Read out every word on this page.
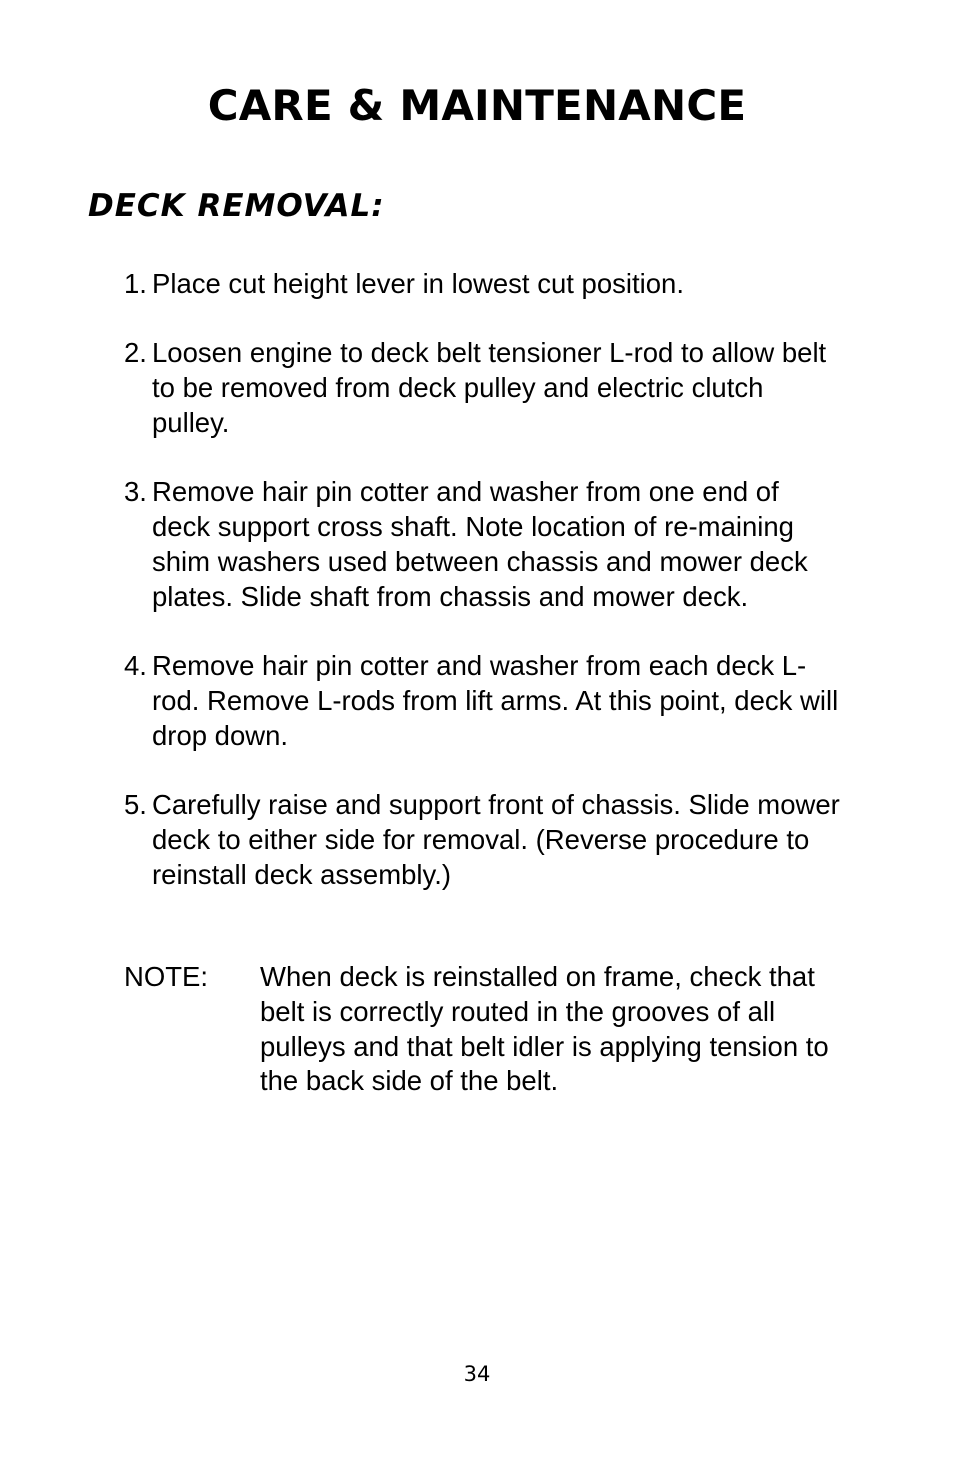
CARE & MAINTENANCE
DECK REMOVAL:
1. Place cut height lever in lowest cut position.
2. Loosen engine to deck belt tensioner L-rod to allow belt to be removed from deck pulley and electric clutch pulley.
3. Remove hair pin cotter and washer from one end of deck support cross shaft. Note location of re-maining shim washers used between chassis and mower deck plates. Slide shaft from chassis and mower deck.
4. Remove hair pin cotter and washer from each deck L-rod. Remove L-rods from lift arms. At this point, deck will drop down.
5. Carefully raise and support front of chassis. Slide mower deck to either side for removal. (Reverse procedure to reinstall deck assembly.)
NOTE:	When deck is reinstalled on frame, check that belt is correctly routed in the grooves of all pulleys and that belt idler is applying tension to the back side of the belt.
34
